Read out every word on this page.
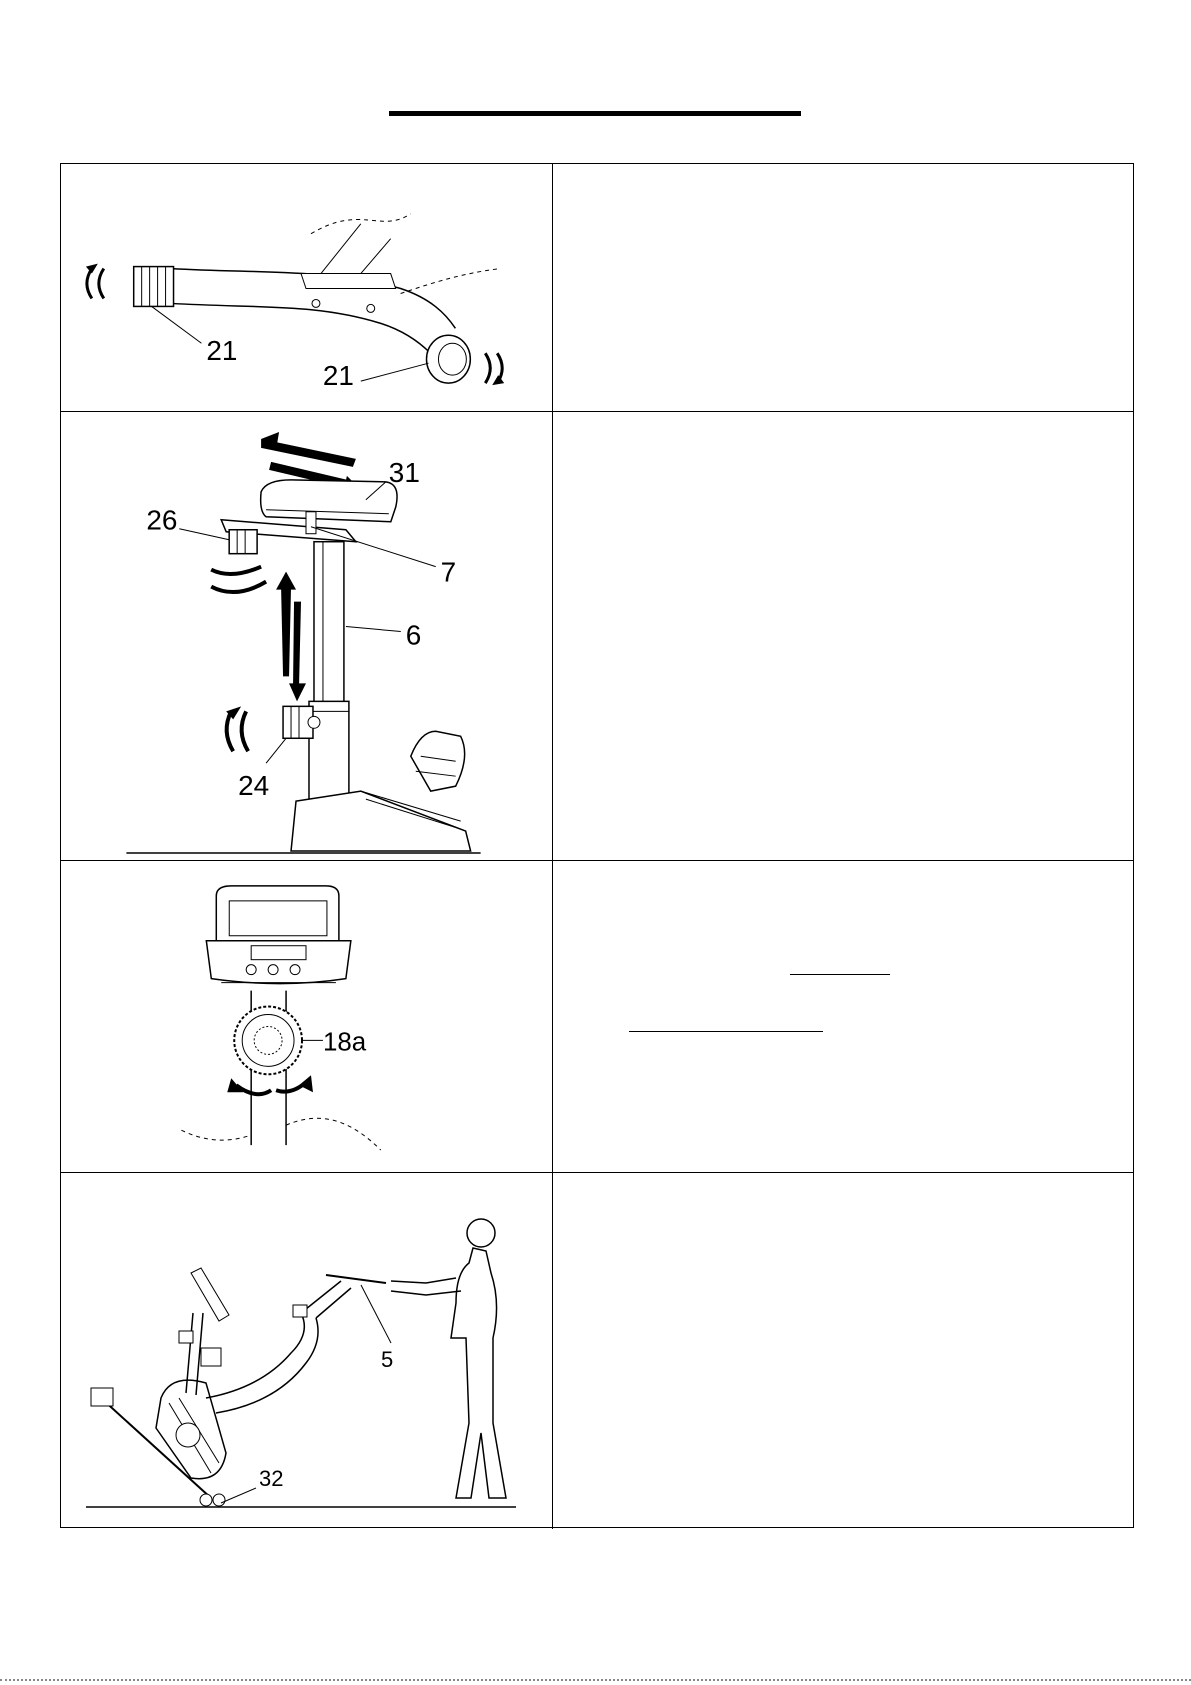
21
21
31
26
7
6
24
18a
5
32
